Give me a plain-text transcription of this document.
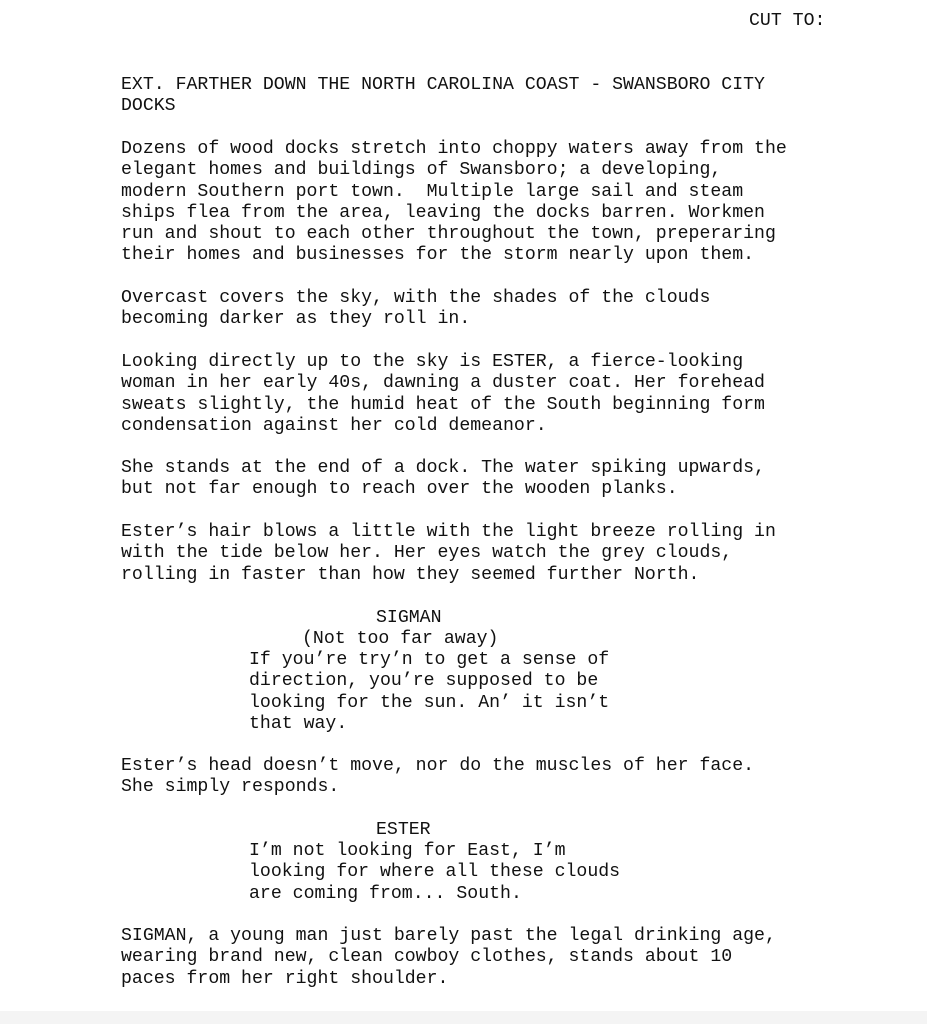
CUT TO:
EXT. FARTHER DOWN THE NORTH CAROLINA COAST - SWANSBORO CITY
DOCKS
Dozens of wood docks stretch into choppy waters away from the
elegant homes and buildings of Swansboro; a developing,
modern Southern port town.  Multiple large sail and steam
ships flea from the area, leaving the docks barren. Workmen
run and shout to each other throughout the town, preperaring
their homes and businesses for the storm nearly upon them.
Overcast covers the sky, with the shades of the clouds
becoming darker as they roll in.
Looking directly up to the sky is ESTER, a fierce-looking
woman in her early 40s, dawning a duster coat. Her forehead
sweats slightly, the humid heat of the South beginning form
condensation against her cold demeanor.
She stands at the end of a dock. The water spiking upwards,
but not far enough to reach over the wooden planks.
Ester’s hair blows a little with the light breeze rolling in
with the tide below her. Her eyes watch the grey clouds,
rolling in faster than how they seemed further North.
SIGMAN
(Not too far away)
If you’re try’n to get a sense of
direction, you’re supposed to be
looking for the sun. An’ it isn’t
that way.
Ester’s head doesn’t move, nor do the muscles of her face.
She simply responds.
ESTER
I’m not looking for East, I’m
looking for where all these clouds
are coming from... South.
SIGMAN, a young man just barely past the legal drinking age,
wearing brand new, clean cowboy clothes, stands about 10
paces from her right shoulder.
